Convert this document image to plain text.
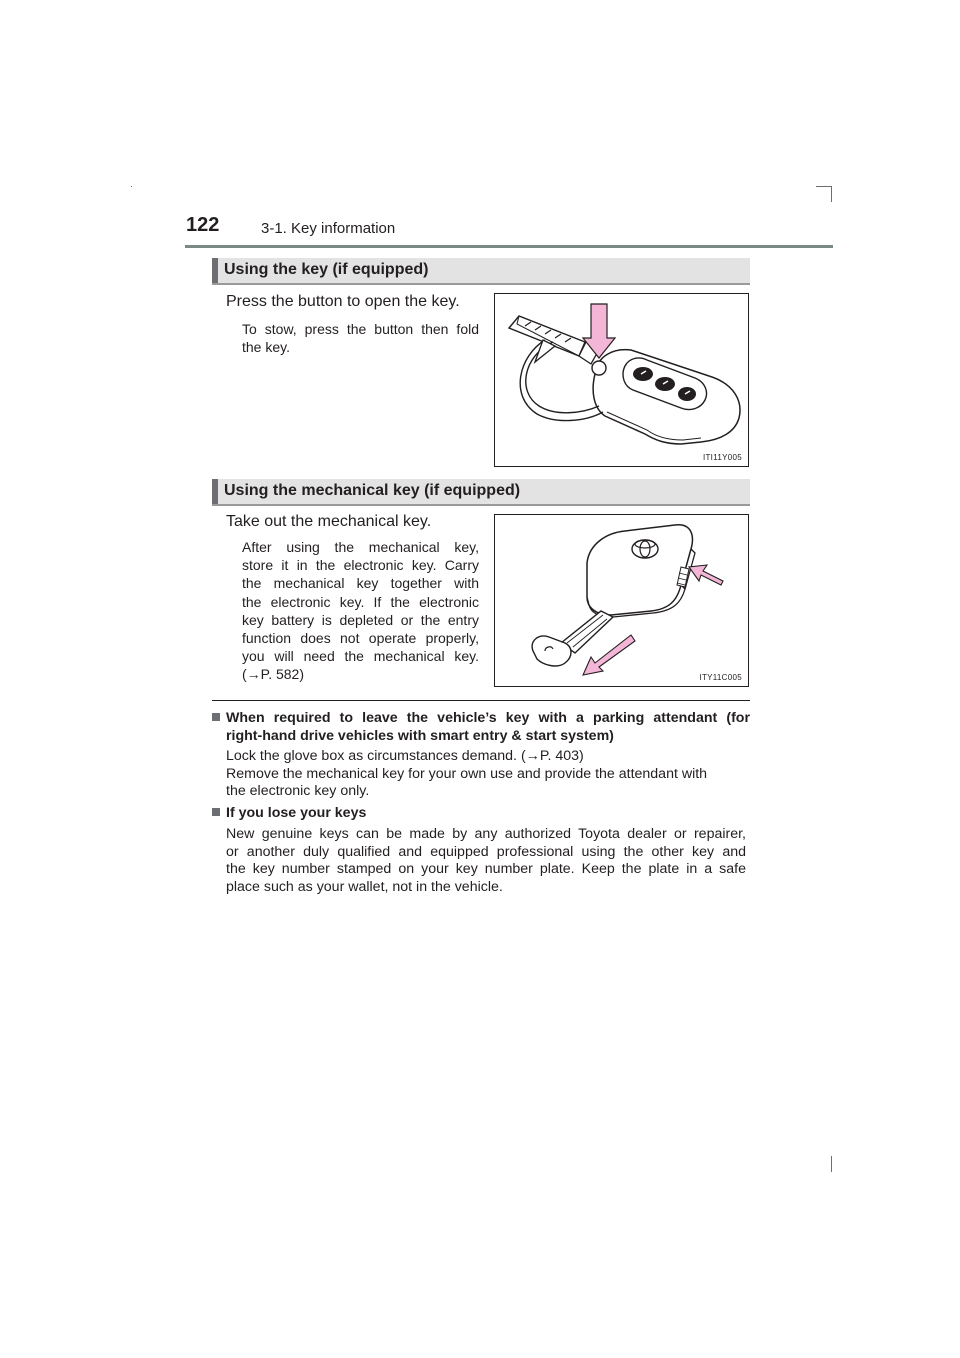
122	3-1. Key information
Using the key (if equipped)
Press the button to open the key.
To stow, press the button then fold
the key.
ITI11Y005
Using the mechanical key (if equipped)
Take out the mechanical key.
After using the mechanical key,
store it in the electronic key. Carry
the mechanical key together with
the electronic key. If the electronic
key battery is depleted or the entry
function does not operate properly,
you will need the mechanical key.
(→P. 582)	ITY11C005
When required to leave the vehicle’s key with a parking attendant (for
right-hand drive vehicles with smart entry & start system)
Lock the glove box as circumstances demand. (→P. 403)
Remove the mechanical key for your own use and provide the attendant with
the electronic key only.
If you lose your keys
New genuine keys can be made by any authorized Toyota dealer or repairer,
or another duly qualified and equipped professional using the other key and
the key number stamped on your key number plate. Keep the plate in a safe
place such as your wallet, not in the vehicle.
